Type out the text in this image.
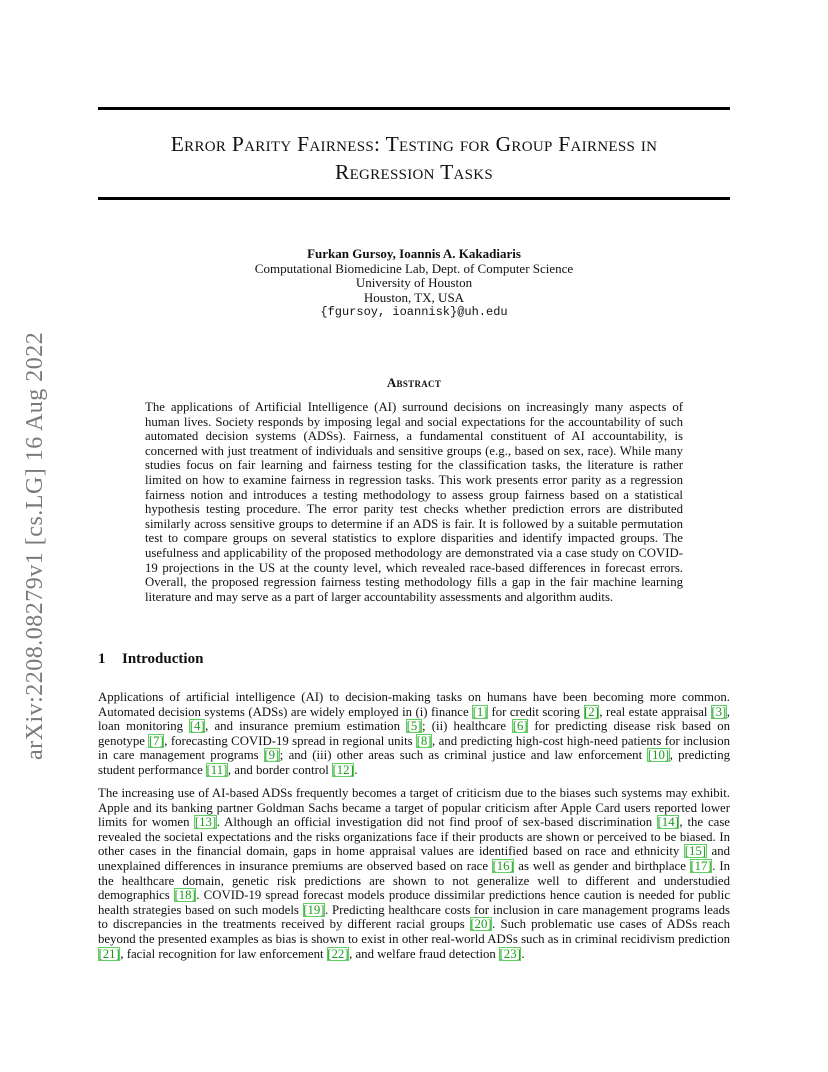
arXiv:2208.08279v1 [cs.LG] 16 Aug 2022
Error Parity Fairness: Testing for Group Fairness in
Regression Tasks
Furkan Gursoy, Ioannis A. Kakadiaris
Computational Biomedicine Lab, Dept. of Computer Science
University of Houston
Houston, TX, USA
{fgursoy, ioannisk}@uh.edu
Abstract
The applications of Artificial Intelligence (AI) surround decisions on increasingly many aspects of human lives. Society responds by imposing legal and social expectations for the accountability of such automated decision systems (ADSs). Fairness, a fundamental constituent of AI accountability, is concerned with just treatment of individuals and sensitive groups (e.g., based on sex, race). While many studies focus on fair learning and fairness testing for the classification tasks, the literature is rather limited on how to examine fairness in regression tasks. This work presents error parity as a regression fairness notion and introduces a testing methodology to assess group fairness based on a statistical hypothesis testing procedure. The error parity test checks whether prediction errors are distributed similarly across sensitive groups to determine if an ADS is fair. It is followed by a suitable permutation test to compare groups on several statistics to explore disparities and identify impacted groups. The usefulness and applicability of the proposed methodology are demonstrated via a case study on COVID-19 projections in the US at the county level, which revealed race-based differences in forecast errors. Overall, the proposed regression fairness testing methodology fills a gap in the fair machine learning literature and may serve as a part of larger accountability assessments and algorithm audits.
1 Introduction
Applications of artificial intelligence (AI) to decision-making tasks on humans have been becoming more common. Automated decision systems (ADSs) are widely employed in (i) finance [1] for credit scoring [2], real estate appraisal [3], loan monitoring [4], and insurance premium estimation [5]; (ii) healthcare [6] for predicting disease risk based on genotype [7], forecasting COVID-19 spread in regional units [8], and predicting high-cost high-need patients for inclusion in care management programs [9]; and (iii) other areas such as criminal justice and law enforcement [10], predicting student performance [11], and border control [12].
The increasing use of AI-based ADSs frequently becomes a target of criticism due to the biases such systems may exhibit. Apple and its banking partner Goldman Sachs became a target of popular criticism after Apple Card users reported lower limits for women [13]. Although an official investigation did not find proof of sex-based discrimination [14], the case revealed the societal expectations and the risks organizations face if their products are shown or perceived to be biased. In other cases in the financial domain, gaps in home appraisal values are identified based on race and ethnicity [15] and unexplained differences in insurance premiums are observed based on race [16] as well as gender and birthplace [17]. In the healthcare domain, genetic risk predictions are shown to not generalize well to different and understudied demographics [18]. COVID-19 spread forecast models produce dissimilar predictions hence caution is needed for public health strategies based on such models [19]. Predicting healthcare costs for inclusion in care management programs leads to discrepancies in the treatments received by different racial groups [20]. Such problematic use cases of ADSs reach beyond the presented examples as bias is shown to exist in other real-world ADSs such as in criminal recidivism prediction [21], facial recognition for law enforcement [22], and welfare fraud detection [23].
